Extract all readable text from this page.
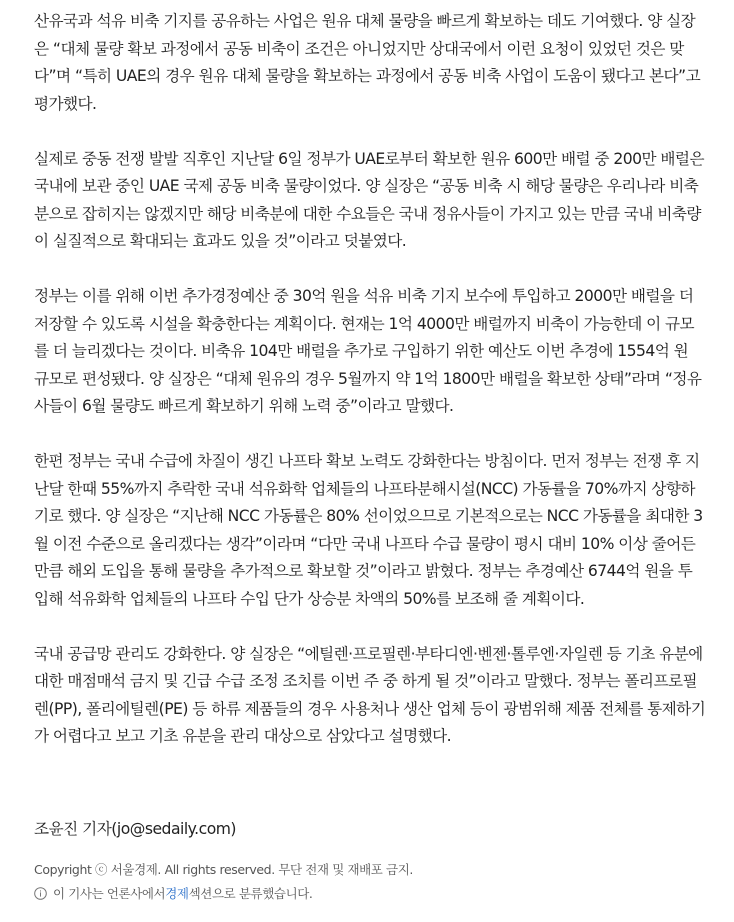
산유국과 석유 비축 기지를 공유하는 사업은 원유 대체 물량을 빠르게 확보하는 데도 기여했다. 양 실장은 “대체 물량 확보 과정에서 공동 비축이 조건은 아니었지만 상대국에서 이런 요청이 있었던 것은 맞다”며 “특히 UAE의 경우 원유 대체 물량을 확보하는 과정에서 공동 비축 사업이 도움이 됐다고 본다”고 평가했다.

실제로 중동 전쟁 발발 직후인 지난달 6일 정부가 UAE로부터 확보한 원유 600만 배럴 중 200만 배럴은 국내에 보관 중인 UAE 국제 공동 비축 물량이었다. 양 실장은 “공동 비축 시 해당 물량은 우리나라 비축분으로 잡히지는 않겠지만 해당 비축분에 대한 수요들은 국내 정유사들이 가지고 있는 만큼 국내 비축량이 실질적으로 확대되는 효과도 있을 것”이라고 덧붙였다.

정부는 이를 위해 이번 추가경정예산 중 30억 원을 석유 비축 기지 보수에 투입하고 2000만 배럴을 더 저장할 수 있도록 시설을 확충한다는 계획이다. 현재는 1억 4000만 배럴까지 비축이 가능한데 이 규모를 더 늘리겠다는 것이다. 비축유 104만 배럴을 추가로 구입하기 위한 예산도 이번 추경에 1554억 원 규모로 편성됐다. 양 실장은 “대체 원유의 경우 5월까지 약 1억 1800만 배럴을 확보한 상태”라며 “정유사들이 6월 물량도 빠르게 확보하기 위해 노력 중”이라고 말했다.

한편 정부는 국내 수급에 차질이 생긴 나프타 확보 노력도 강화한다는 방침이다. 먼저 정부는 전쟁 후 지난달 한때 55%까지 추락한 국내 석유화학 업체들의 나프타분해시설(NCC) 가동률을 70%까지 상향하기로 했다. 양 실장은 “지난해 NCC 가동률은 80% 선이었으므로 기본적으로는 NCC 가동률을 최대한 3월 이전 수준으로 올리겠다는 생각”이라며 “다만 국내 나프타 수급 물량이 평시 대비 10% 이상 줄어든 만큼 해외 도입을 통해 물량을 추가적으로 확보할 것”이라고 밝혔다. 정부는 추경예산 6744억 원을 투입해 석유화학 업체들의 나프타 수입 단가 상승분 차액의 50%를 보조해 줄 계획이다.

국내 공급망 관리도 강화한다. 양 실장은 “에틸렌·프로필렌·부타디엔·벤젠·톨루엔·자일렌 등 기초 유분에 대한 매점매석 금지 및 긴급 수급 조정 조치를 이번 주 중 하게 될 것”이라고 말했다. 정부는 폴리프로필렌(PP), 폴리에틸렌(PE) 등 하류 제품들의 경우 사용처나 생산 업체 등이 광범위해 제품 전체를 통제하기가 어렵다고 보고 기초 유분을 관리 대상으로 삼았다고 설명했다.

조윤진 기자(jo@sedaily.com)
Copyright ⓒ 서울경제. All rights reserved. 무단 전재 및 재배포 금지.
이 기사는 언론사에서 경제 섹션으로 분류했습니다.
